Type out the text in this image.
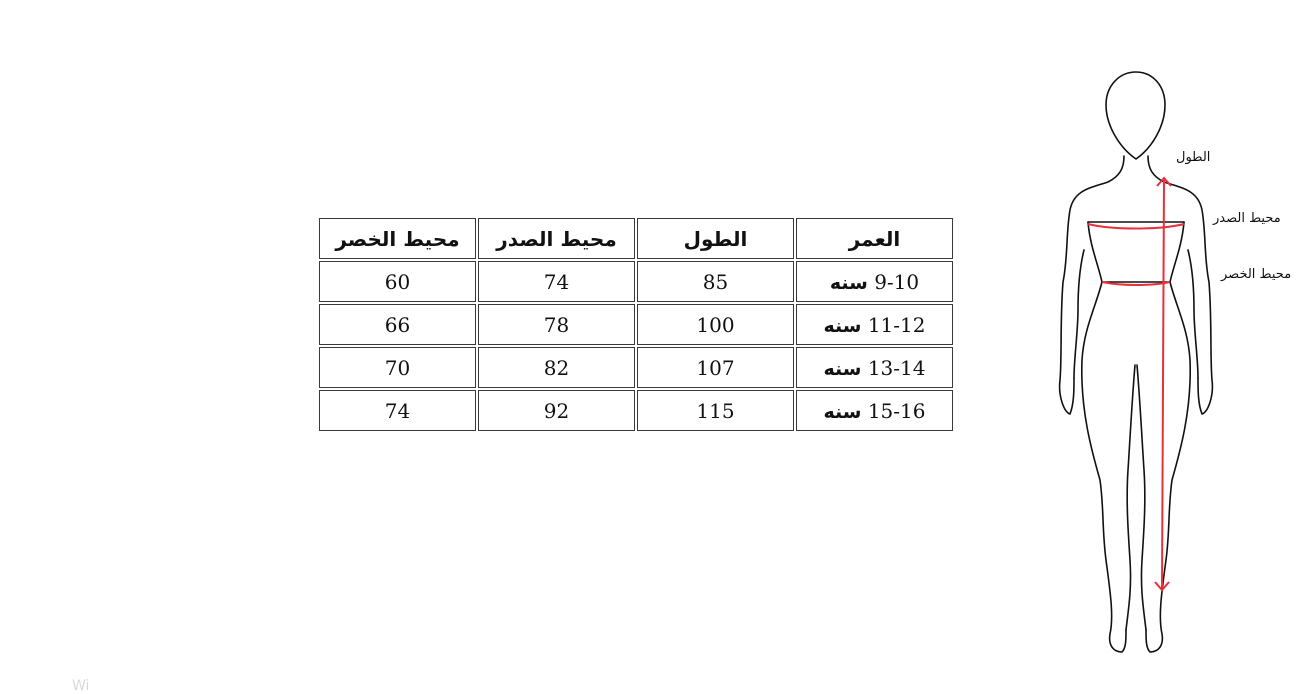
العمر	الطول	محيط الصدر	محيط الخصر
9-10 سنه	85	74	60
11-12 سنه	100	78	66
13-14 سنه	107	82	70
15-16 سنه	115	92	74
الطول
محيط الصدر
محيط الخصر
Wi
